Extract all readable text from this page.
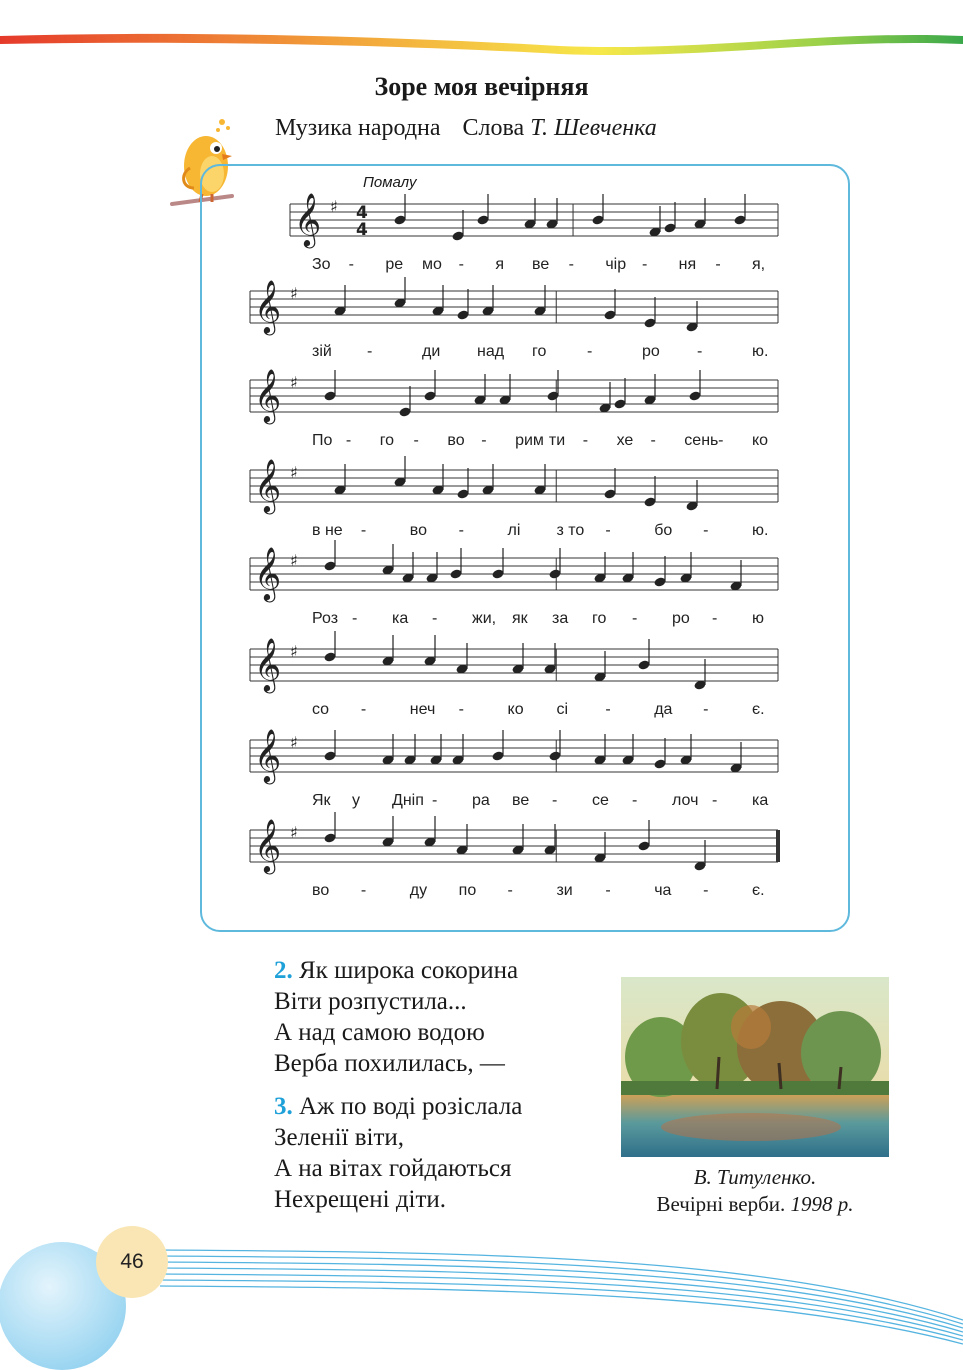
Зоре моя вечірняя
Музика народна Слова Т. Шевченка
𝄞 ♯ 4
4
𝄞 ♯
𝄞 ♯
𝄞 ♯
𝄞 ♯
𝄞 ♯
𝄞 ♯
𝄞 ♯
Помалу
Зо - ре мо - я ве - чір - ня - я,
зій -	ди над го	-	ро -	ю.
По - го - во - рим ти - хе - сень - ко
в не -	во -	лі з то -	бо -	ю.
Роз - ка - жи, як за го - ро - ю
со -	неч -	ко сі -	да -	є.
Як у Дніп - ра ве - се - лоч - ка
во -	ду по -	зи -	ча -	є.
2. Як широка сокорина
Віти розпустила...
А над самою водою
Верба похилилась, —
3. Аж по воді розіслала
Зеленії віти,
А на вітах гойдаються
Нехрещені діти.
В. Титуленко.
Вечірні верби. 1998 р.
46
